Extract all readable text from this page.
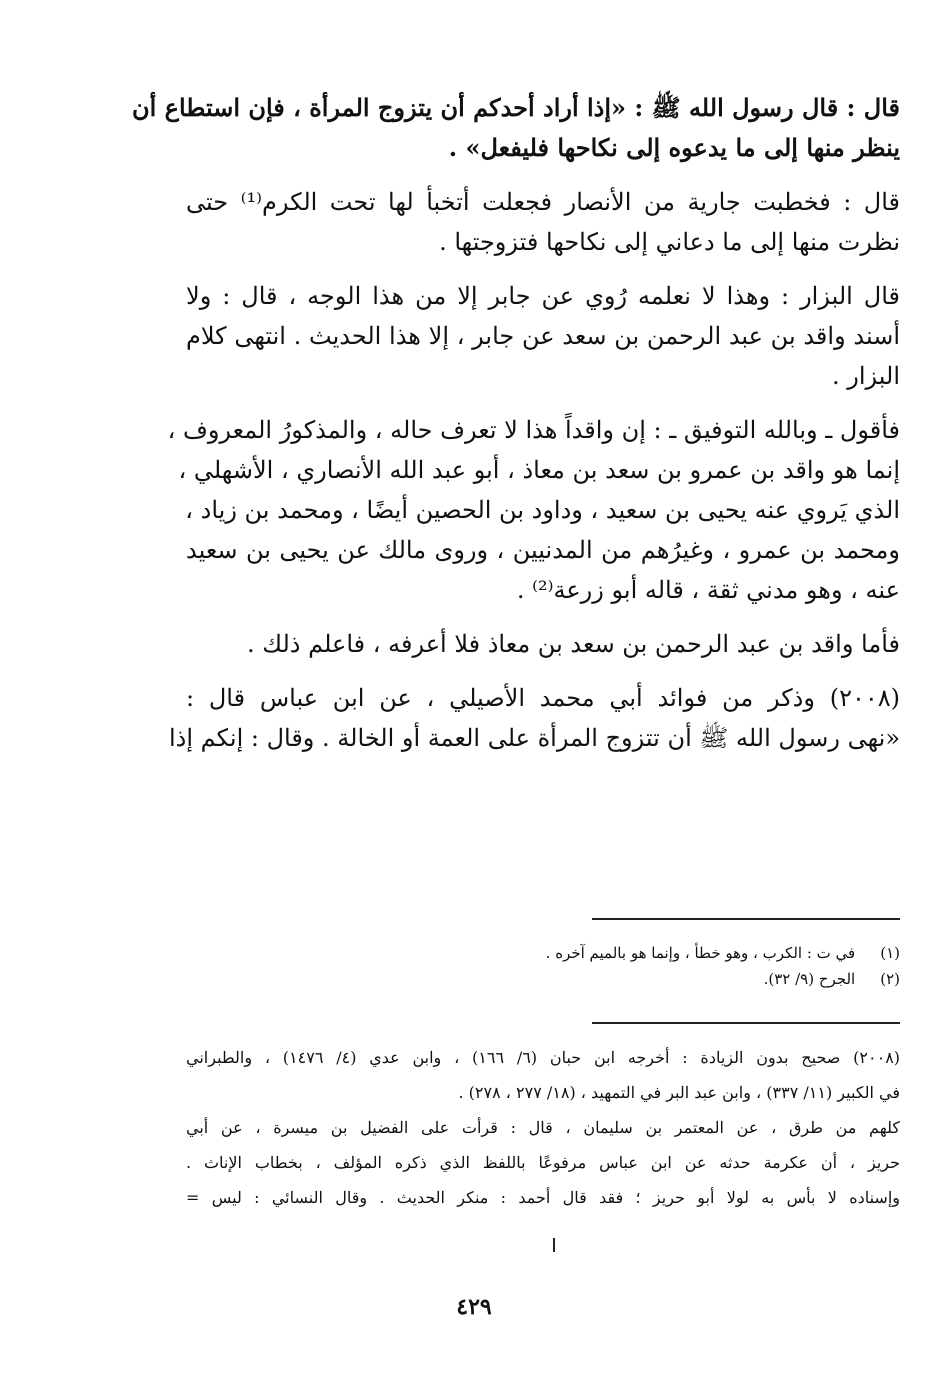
قال : قال رسول الله ﷺ : «إذا أراد أحدكم أن يتزوج المرأة ، فإن استطاع أن
ينظر منها إلى ما يدعوه إلى نكاحها فليفعل» .
قال : فخطبت جارية من الأنصار فجعلت أتخبأ لها تحت الكرم⁽¹⁾ حتى
نظرت منها إلى ما دعاني إلى نكاحها فتزوجتها .
قال البزار : وهذا لا نعلمه رُوي عن جابر إلا من هذا الوجه ، قال : ولا
أسند واقد بن عبد الرحمن بن سعد عن جابر ، إلا هذا الحديث . انتهى كلام
البزار .
فأقول ـ وبالله التوفيق ـ : إن واقداً هذا لا تعرف حاله ، والمذكورُ المعروف ،
إنما هو واقد بن عمرو بن سعد بن معاذ ، أبو عبد الله الأنصاري ، الأشهلي ،
الذي يَروي عنه يحيى بن سعيد ، وداود بن الحصين أيضًا ، ومحمد بن زياد ،
ومحمد بن عمرو ، وغيرُهم من المدنيين ، وروى مالك عن يحيى بن سعيد
عنه ، وهو مدني ثقة ، قاله أبو زرعة⁽²⁾ .
فأما واقد بن عبد الرحمن بن سعد بن معاذ فلا أعرفه ، فاعلم ذلك .
(٢٠٠٨) وذكر من فوائد أبي محمد الأصيلي ، عن ابن عباس قال :
«نهى رسول الله ﷺ أن تتزوج المرأة على العمة أو الخالة . وقال : إنكم إذا
(١) في ت : الكرب ، وهو خطأ ، وإنما هو بالميم آخره .
(٢) الجرح (٩/ ٣٢).
(٢٠٠٨) صحيح بدون الزيادة : أخرجه ابن حبان (٦/ ١٦٦) ، وابن عدي (٤/ ١٤٧٦) ، والطبراني
في الكبير (١١/ ٣٣٧) ، وابن عبد البر في التمهيد ، (١٨/ ٢٧٧ ، ٢٧٨) .
كلهم من طرق ، عن المعتمر بن سليمان ، قال : قرأت على الفضيل بن ميسرة ، عن أبي
حريز ، أن عكرمة حدثه عن ابن عباس مرفوعًا باللفظ الذي ذكره المؤلف ، بخطاب الإناث .
وإسناده لا بأس به لولا أبو حريز ؛ فقد قال أحمد : منكر الحديث . وقال النسائي : ليس =
٤٢٩
